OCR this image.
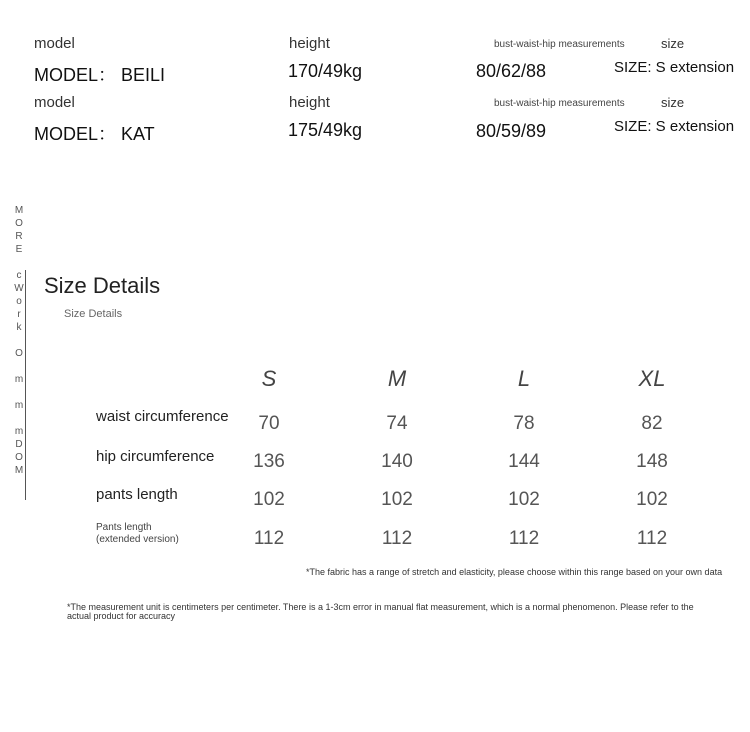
model	height	bust-waist-hip measurements	size
MODEL： BEILI	170/49kg	80/62/88	SIZE: S extension
model	height	bust-waist-hip measurements	size
MODEL： KAT	175/49kg	80/59/89	SIZE: S extension
M
O
R
E
c
W
o
r
k
O
m
m
m
D
O
M
Size Details
Size Details
S	M	L	XL
waist circumference	70	74	78	82
hip circumference	136	140	144	148
pants length	102	102	102	102
Pants length
(extended version)	112	112	112	112
*The fabric has a range of stretch and elasticity, please choose within this range based on your own data
*The measurement unit is centimeters per centimeter. There is a 1-3cm error in manual flat measurement, which is a normal phenomenon. Please refer to the actual product for accuracy
